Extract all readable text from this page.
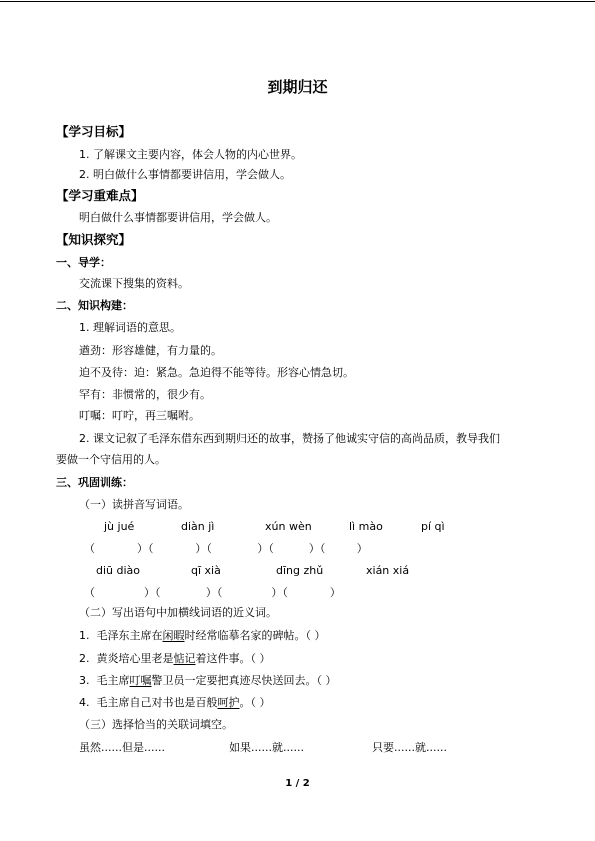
到期归还
【学习目标】
1. 了解课文主要内容，体会人物的内心世界。
2. 明白做什么事情都要讲信用，学会做人。
【学习重难点】
明白做什么事情都要讲信用，学会做人。
【知识探究】
一、导学：
交流课下搜集的资料。
二、知识构建：
1. 理解词语的意思。
遒劲：形容雄健，有力量的。
迫不及待：迫：紧急。急迫得不能等待。形容心情急切。
罕有：非惯常的，很少有。
叮嘱：叮咛，再三嘱咐。
2. 课文记叙了毛泽东借东西到期归还的故事，赞扬了他诚实守信的高尚品质，教导我们
要做一个守信用的人。
三、巩固训练：
（一）读拼音写词语。
jù jué	diàn jì	xún wèn	lì mào	pí qì
（            ）（            ）（             ）（          ）（         ）
diū diào	qī xià	dīng zhǔ	xián xiá
（              ）（             ）（              ）（            ）
（二）写出语句中加横线词语的近义词。
1. 毛泽东主席在闲暇时经常临摹名家的碑帖。（ ）
2. 黄炎培心里老是惦记着这件事。（ ）
3. 毛主席叮嘱警卫员一定要把真迹尽快送回去。（ ）
4. 毛主席自己对书也是百般呵护。（ ）
（三）选择恰当的关联词填空。
虽然......但是......	如果......就......	只要......就......
1 / 2
